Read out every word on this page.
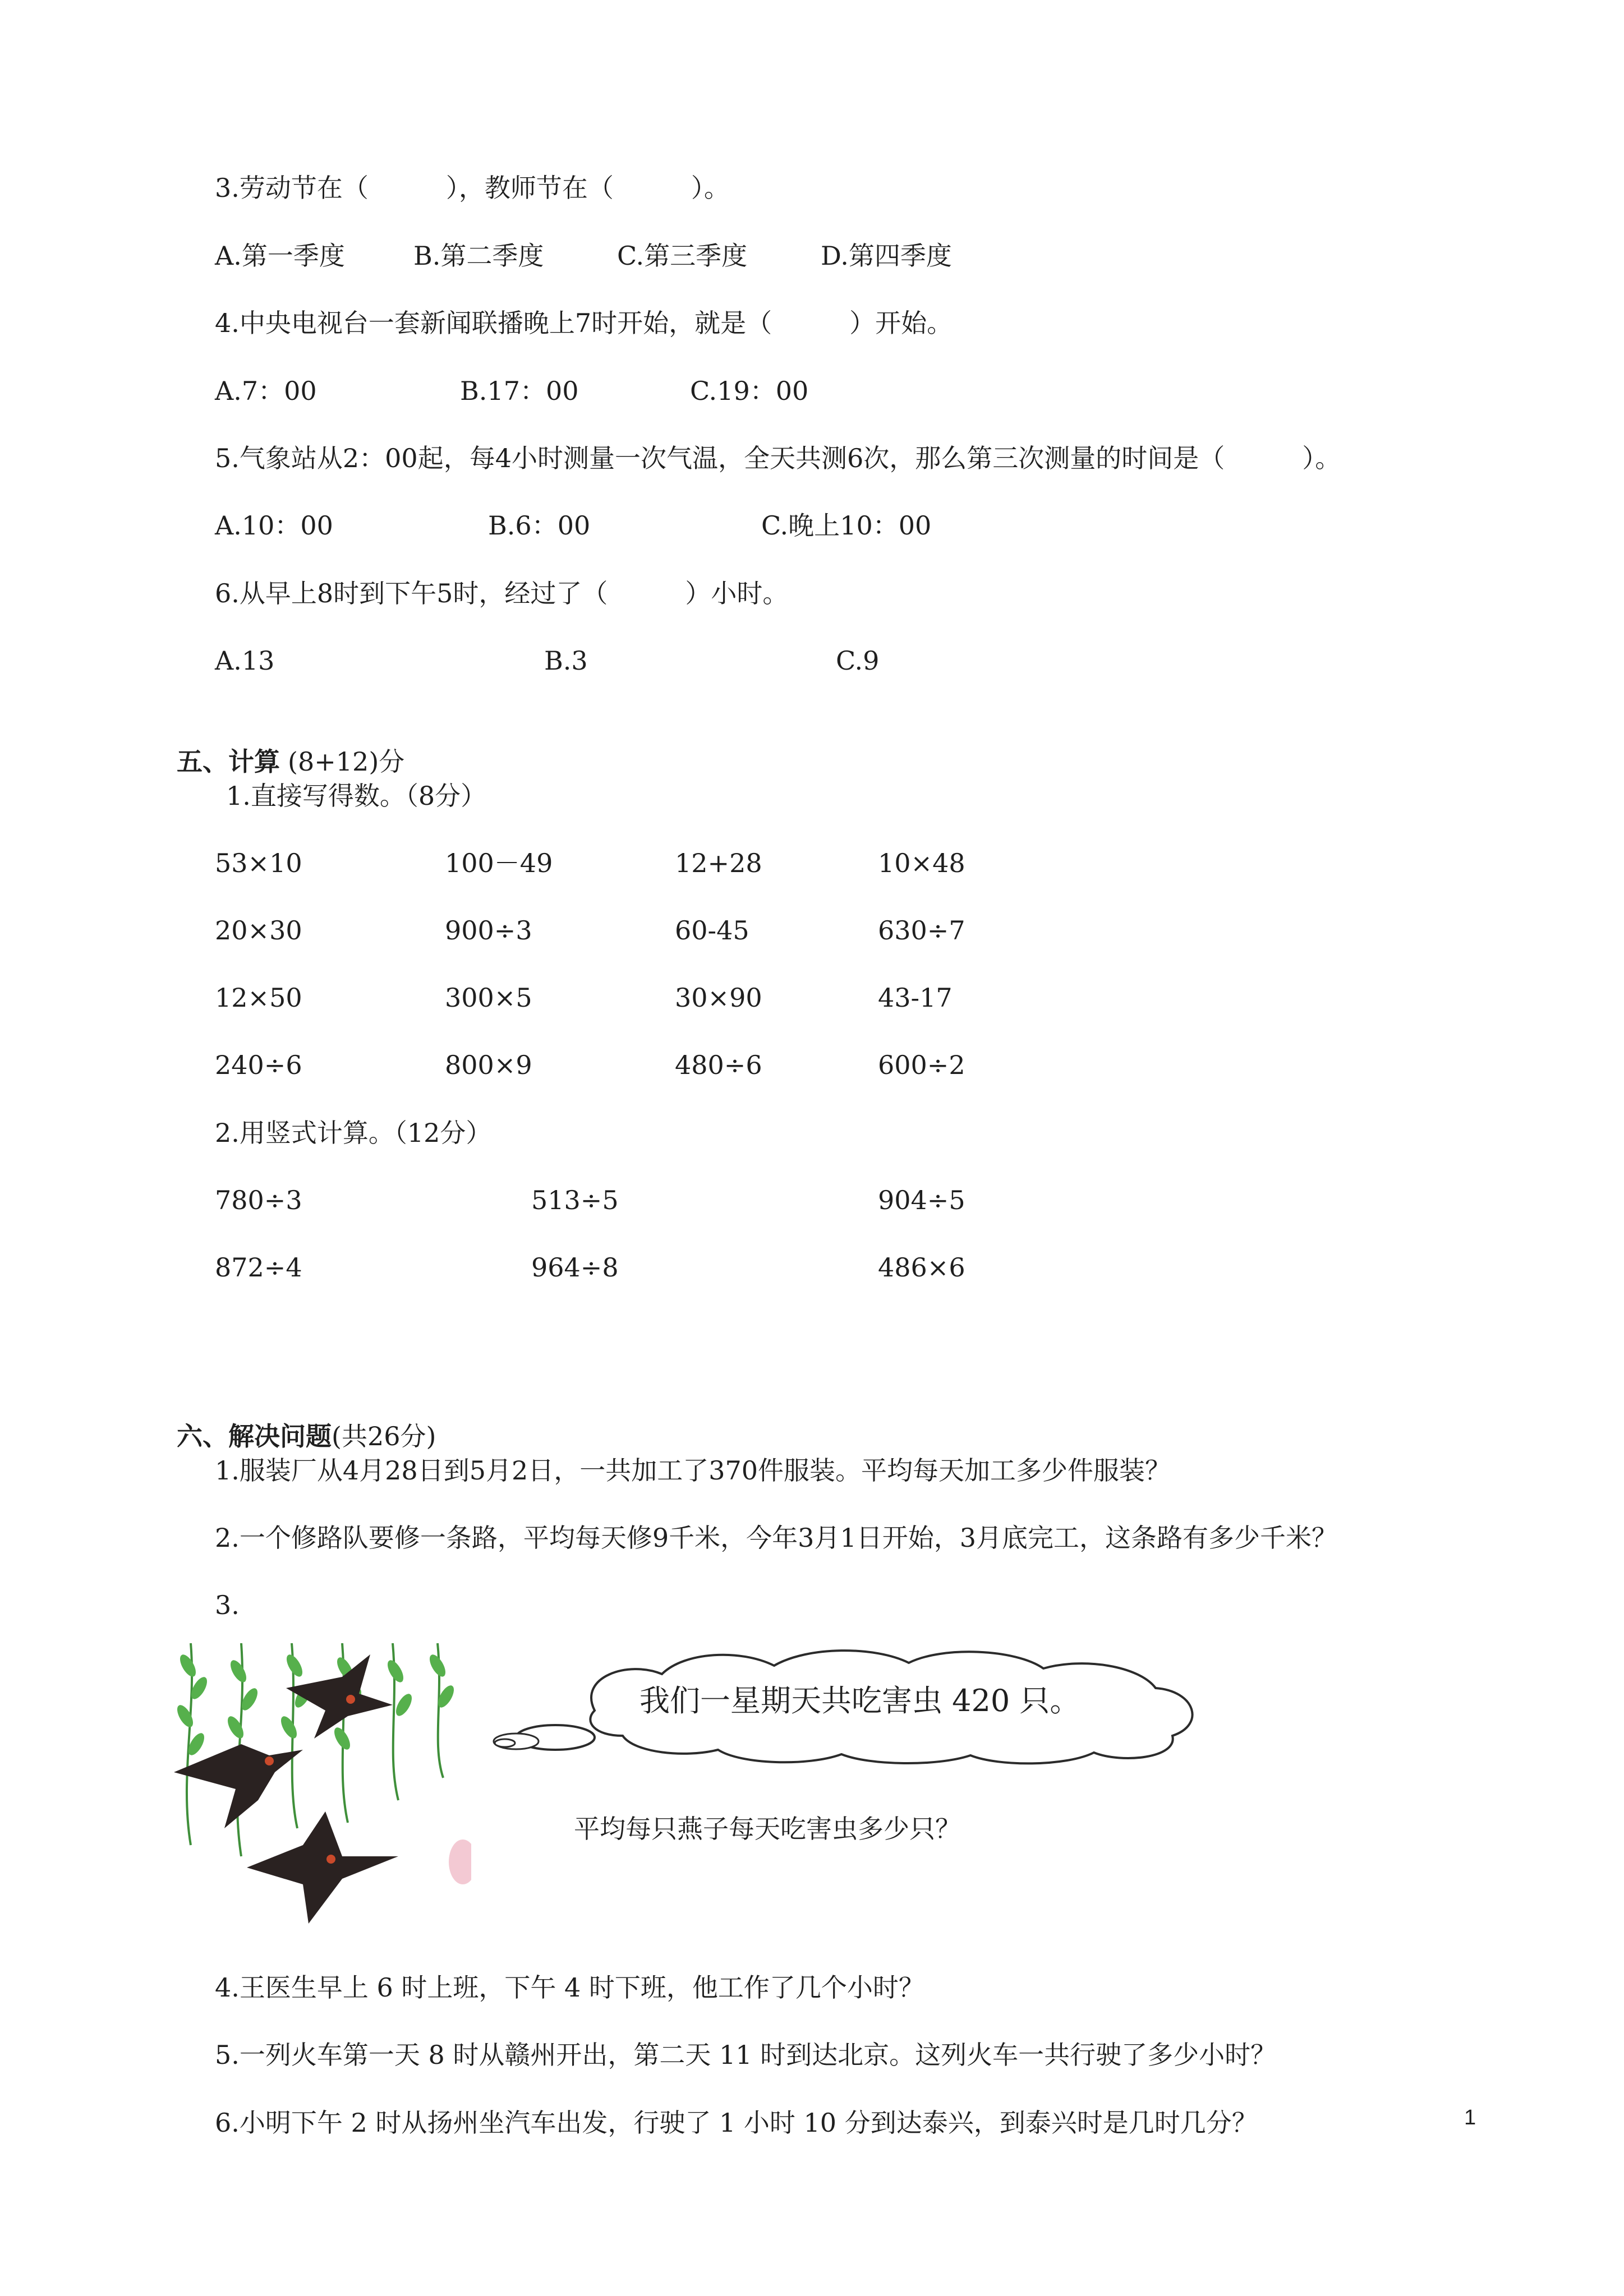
3.劳动节在（　　　），教师节在（　　　）。
A.第一季度	B.第二季度	C.第三季度	D.第四季度
4.中央电视台一套新闻联播晚上7时开始，就是（　　　）开始。
A.7：00	B.17：00	C.19：00
5.气象站从2：00起，每4小时测量一次气温，全天共测6次，那么第三次测量的时间是（　　　）。
A.10：00	B.6：00	C.晚上10：00
6.从早上8时到下午5时，经过了（　　　）小时。
A.13	B.3	C.9

五、计算 (8+12)分

1.直接写得数。（8分）
53×10	100－49	12+28	10×48
20×30	900÷3	60-45	630÷7
12×50	300×5	30×90	43-17
240÷6	800×9	480÷6	600÷2
2.用竖式计算。（12分）
780÷3	513÷5	904÷5
872÷4	964÷8	486×6

六、解决问题(共26分)

1.服装厂从4月28日到5月2日，一共加工了370件服装。平均每天加工多少件服装？
2.一个修路队要修一条路，平均每天修9千米，今年3月1日开始，3月底完工，这条路有多少千米？
3.
我们一星期天共吃害虫 420 只。
平均每只燕子每天吃害虫多少只？
4.王医生早上 6 时上班，下午 4 时下班，他工作了几个小时？
5.一列火车第一天 8 时从赣州开出，第二天 11 时到达北京。这列火车一共行驶了多少小时？
6.小明下午 2 时从扬州坐汽车出发，行驶了 1 小时 10 分到达泰兴，到泰兴时是几时几分？	1
